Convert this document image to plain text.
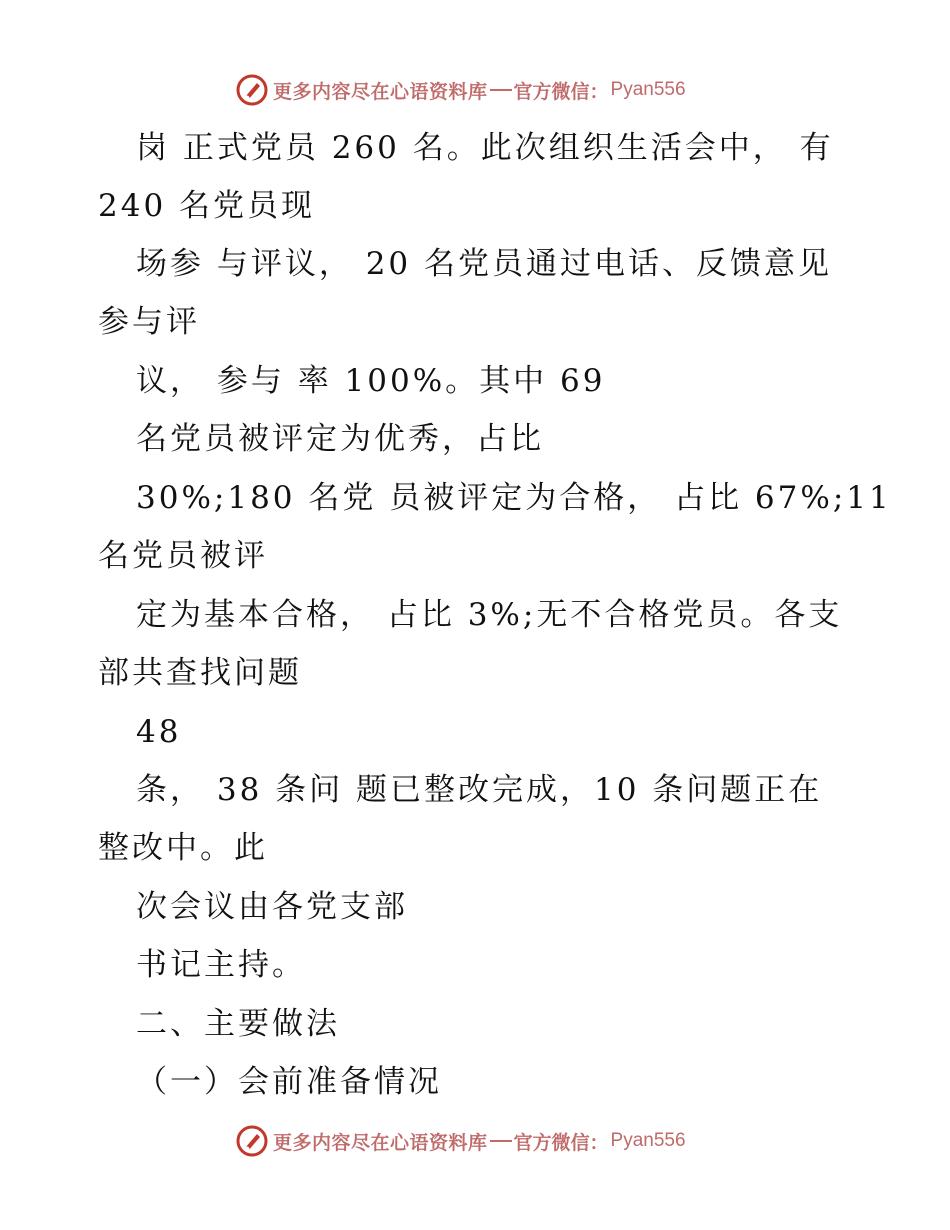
更多内容尽在心语资料库 官方微信： Pyan556
岗 正式党员 260 名。此次组织生活会中， 有
240 名党员现
场参 与评议， 20 名党员通过电话、反馈意见
参与评
议， 参与 率 100%。其中 69
名党员被评定为优秀，占比
30%;180 名党 员被评定为合格， 占比 67%;11
名党员被评
定为基本合格， 占比 3%;无不合格党员。各支
部共查找问题
48
条， 38 条问 题已整改完成，10 条问题正在
整改中。此
次会议由各党支部
书记主持。
二、主要做法
（一）会前准备情况
更多内容尽在心语资料库 官方微信： Pyan556
